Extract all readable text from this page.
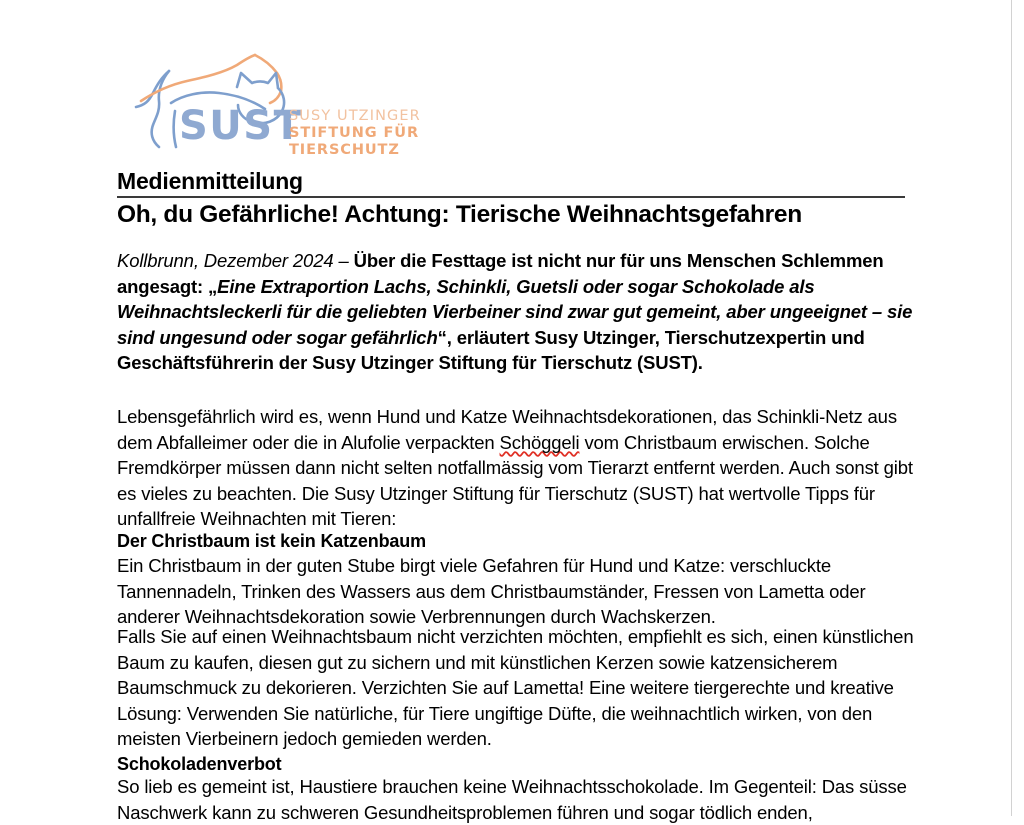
SUST
SUSY UTZINGER
STIFTUNG FÜR TIERSCHUTZ
Medienmitteilung
Oh, du Gefährliche! Achtung: Tierische Weihnachtsgefahren
Kollbrunn, Dezember 2024 – Über die Festtage ist nicht nur für uns Menschen Schlemmen angesagt: „Eine Extraportion Lachs, Schinkli, Guetsli oder sogar Schokolade als Weihnachtsleckerli für die geliebten Vierbeiner sind zwar gut gemeint, aber ungeeignet – sie sind ungesund oder sogar gefährlich“, erläutert Susy Utzinger, Tierschutzexpertin und Geschäftsführerin der Susy Utzinger Stiftung für Tierschutz (SUST).
Lebensgefährlich wird es, wenn Hund und Katze Weihnachtsdekorationen, das Schinkli-Netz aus dem Abfalleimer oder die in Alufolie verpackten Schöggeli vom Christbaum erwischen. Solche Fremdkörper müssen dann nicht selten notfallmässig vom Tierarzt entfernt werden. Auch sonst gibt es vieles zu beachten. Die Susy Utzinger Stiftung für Tierschutz (SUST) hat wertvolle Tipps für unfallfreie Weihnachten mit Tieren:
Der Christbaum ist kein Katzenbaum
Ein Christbaum in der guten Stube birgt viele Gefahren für Hund und Katze: verschluckte Tannennadeln, Trinken des Wassers aus dem Christbaumständer, Fressen von Lametta oder anderer Weihnachtsdekoration sowie Verbrennungen durch Wachskerzen.
Falls Sie auf einen Weihnachtsbaum nicht verzichten möchten, empfiehlt es sich, einen künstlichen Baum zu kaufen, diesen gut zu sichern und mit künstlichen Kerzen sowie katzensicherem Baumschmuck zu dekorieren. Verzichten Sie auf Lametta! Eine weitere tiergerechte und kreative Lösung: Verwenden Sie natürliche, für Tiere ungiftige Düfte, die weihnachtlich wirken, von den meisten Vierbeinern jedoch gemieden werden.
Schokoladenverbot
So lieb es gemeint ist, Haustiere brauchen keine Weihnachtsschokolade. Im Gegenteil: Das süsse Naschwerk kann zu schweren Gesundheitsproblemen führen und sogar tödlich enden,
